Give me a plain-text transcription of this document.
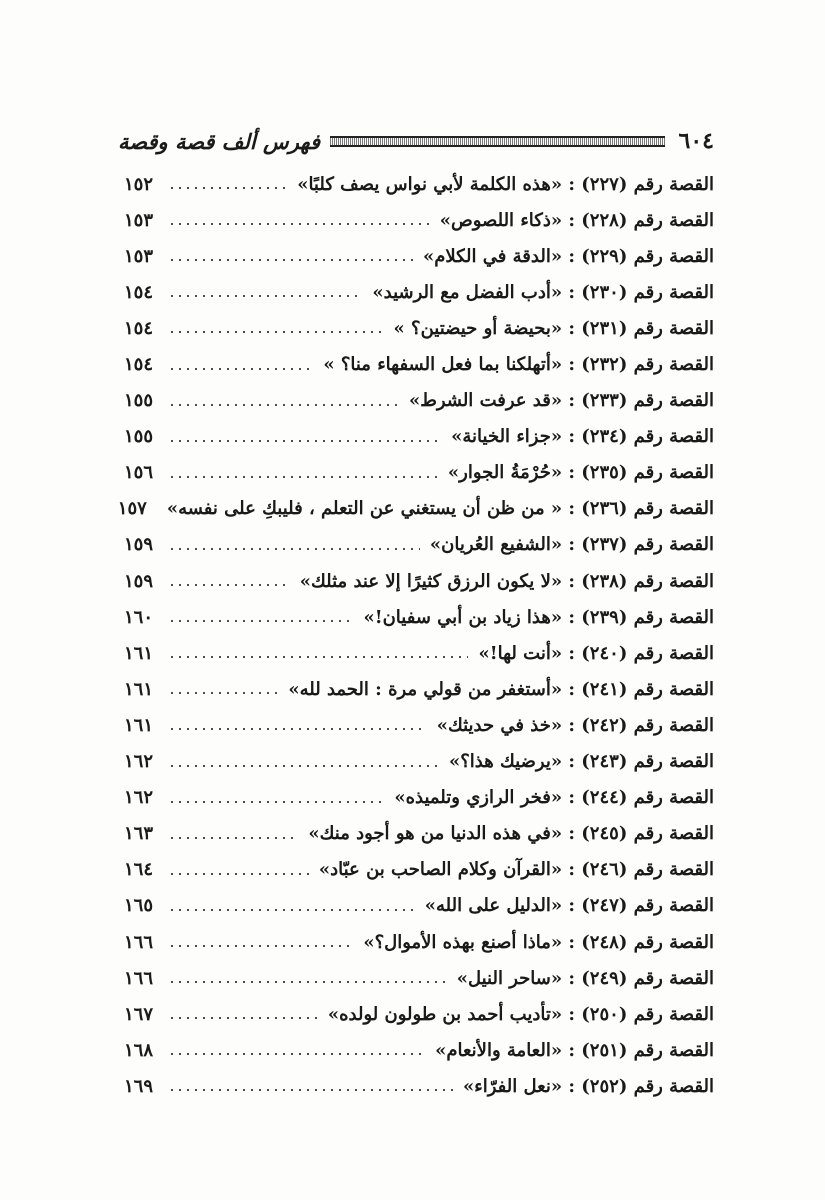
٦٠٤
فهرس ألف قصة وقصة
القصة رقم (٢٢٧) : «هذه الكلمة لأبي نواس يصف كلبًا»
١٥٢
القصة رقم (٢٢٨) : «ذكاء اللصوص»
١٥٣
القصة رقم (٢٢٩) : «الدقة في الكلام»
١٥٣
القصة رقم (٢٣٠) : «أدب الفضل مع الرشيد»
١٥٤
القصة رقم (٢٣١) : «بحيضة أو حيضتين؟ »
١٥٤
القصة رقم (٢٣٢) : «أتهلكنا بما فعل السفهاء منا؟ »
١٥٤
القصة رقم (٢٣٣) : «قد عرفت الشرط»
١٥٥
القصة رقم (٢٣٤) : «جزاء الخيانة»
١٥٥
القصة رقم (٢٣٥) : «حُرْمَةُ الجوار»
١٥٦
القصة رقم (٢٣٦) : « من ظن أن يستغني عن التعلم ، فليبكِ على نفسه»
١٥٧
القصة رقم (٢٣٧) : «الشفيع العُريان»
١٥٩
القصة رقم (٢٣٨) : «لا يكون الرزق كثيرًا إلا عند مثلك»
١٥٩
القصة رقم (٢٣٩) : «هذا زياد بن أبي سفيان!»
١٦٠
القصة رقم (٢٤٠) : «أنت لها!»
١٦١
القصة رقم (٢٤١) : «أستغفر من قولي مرة : الحمد لله»
١٦١
القصة رقم (٢٤٢) : «خذ في حديثك»
١٦١
القصة رقم (٢٤٣) : «يرضيك هذا؟»
١٦٢
القصة رقم (٢٤٤) : «فخر الرازي وتلميذه»
١٦٢
القصة رقم (٢٤٥) : «في هذه الدنيا من هو أجود منك»
١٦٣
القصة رقم (٢٤٦) : «القرآن وكلام الصاحب بن عبّاد»
١٦٤
القصة رقم (٢٤٧) : «الدليل على الله»
١٦٥
القصة رقم (٢٤٨) : «ماذا أصنع بهذه الأموال؟»
١٦٦
القصة رقم (٢٤٩) : «ساحر النيل»
١٦٦
القصة رقم (٢٥٠) : «تأديب أحمد بن طولون لولده»
١٦٧
القصة رقم (٢٥١) : «العامة والأنعام»
١٦٨
القصة رقم (٢٥٢) : «نعل الفرّاء»
١٦٩
